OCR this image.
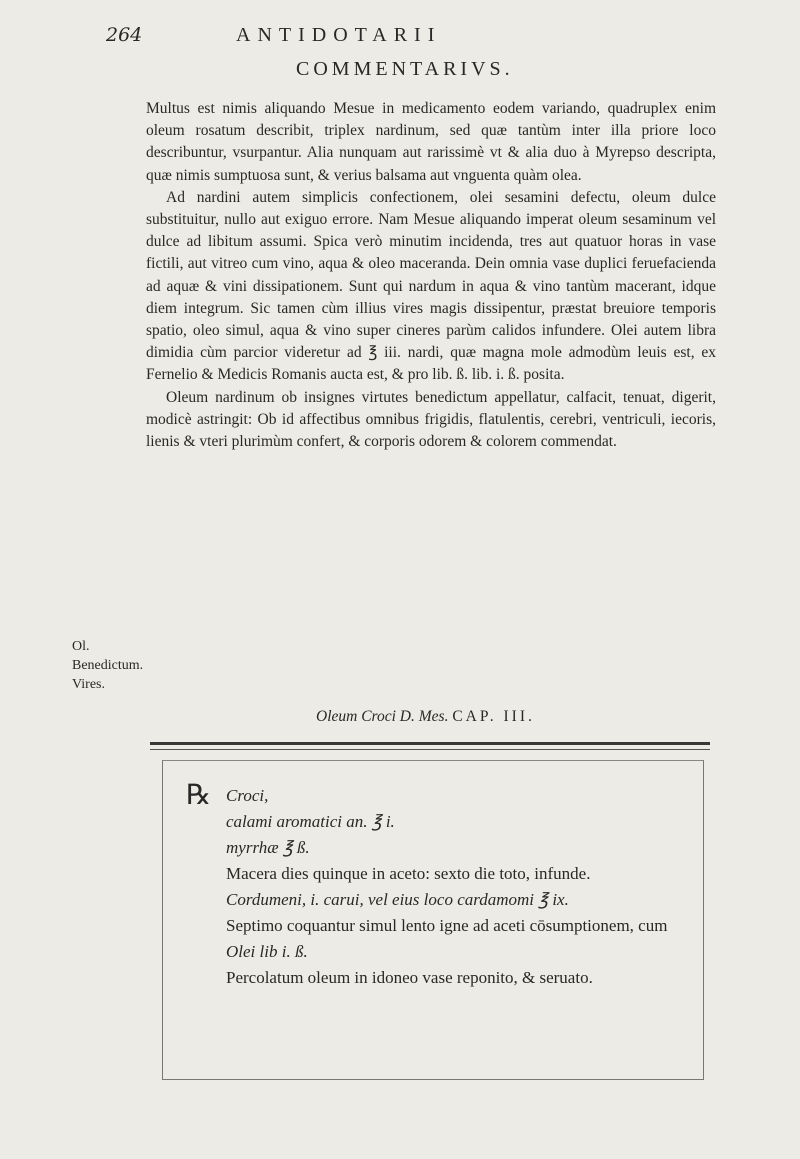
264	ANTIDOTARII
COMMENTARIVS.

Multus est nimis aliquando Mesue in medicamento eodem variando, quadruplex enim oleum rosatum describit, triplex nardinum, sed quæ tantùm inter illa priore loco describuntur, vsurpantur. Alia nunquam aut rarissimè vt & alia duo à Myrepso descripta, quæ nimis sumptuosa sunt, & verius balsama aut vnguenta quàm olea.

Ad nardini autem simplicis confectionem, olei sesamini defectu, oleum dulce substituitur, nullo aut exiguo errore. Nam Mesue aliquando imperat oleum sesaminum vel dulce ad libitum assumi. Spica verò minutim incidenda, tres aut quatuor horas in vase fictili, aut vitreo cum vino, aqua & oleo maceranda. Dein omnia vase duplici feruefacienda ad aquæ & vini dissipationem. Sunt qui nardum in aqua & vino tantùm macerant, idque diem integrum. Sic tamen cùm illius vires magis dissipentur, præstat breuiore temporis spatio, oleo simul, aqua & vino super cineres parùm calidos infundere. Olei autem libra dimidia cùm parcior videretur ad ℥ iii. nardi, quæ magna mole admodùm leuis est, ex Fernelio & Medicis Romanis aucta est, & pro lib. ß. lib. i. ß. posita.

Oleum nardinum ob insignes virtutes benedictum appellatur, calfacit, tenuat, digerit, modicè astringit: Ob id affectibus omnibus frigidis, flatulentis, cerebri, ventriculi, iecoris, lienis & vteri plurimùm confert, & corporis odorem & colorem commendat.

Ol. Benedictum. Vires.
Oleum Croci D. Mes. CAP. III.
℞ Croci,
calami aromatici an. ℥ i.
myrrhæ ℥ ß.
Macera dies quinque in aceto: sexto die toto, infunde.
Cordumeni, i. carui, vel eius loco cardamomi ℥ ix.
Septimo coquantur simul lento igne ad aceti cōsumptionem, cum
Olei lib i. ß.
Percolatum oleum in idoneo vase reponito, & seruato.
